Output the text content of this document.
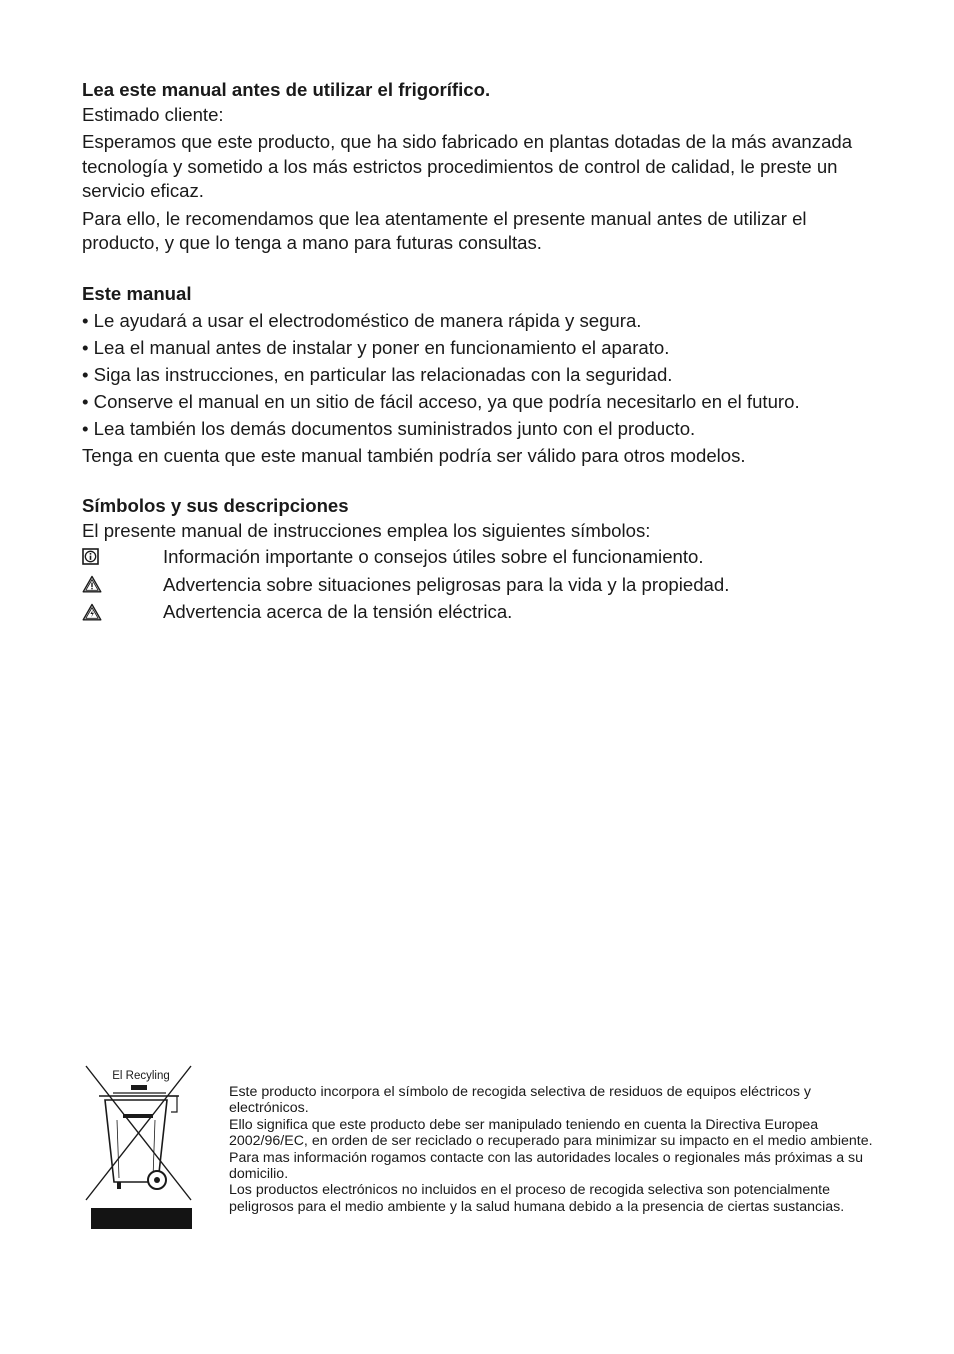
Lea este manual antes de utilizar el frigorífico.

Estimado cliente:

Esperamos que este producto, que ha sido fabricado en plantas dotadas de la más avanzada tecnología y sometido a los más estrictos procedimientos de control de calidad, le preste un servicio eficaz.

Para ello, le recomendamos que lea atentamente el presente manual antes de utilizar el producto, y que lo tenga a mano para futuras consultas.

Este manual

• Le ayudará a usar el electrodoméstico de manera rápida y segura.

• Lea el manual antes de instalar y poner en funcionamiento el aparato.

• Siga las instrucciones, en particular las relacionadas con la seguridad.

• Conserve el manual en un sitio de fácil acceso, ya que podría necesitarlo en el futuro.

• Lea también los demás documentos suministrados junto con el producto.

Tenga en cuenta que este manual también podría ser válido para otros modelos.

Símbolos y sus descripciones

El presente manual de instrucciones emplea los siguientes símbolos:

Información importante o consejos útiles sobre el funcionamiento.
Advertencia sobre situaciones peligrosas para la vida y la propiedad.
Advertencia acerca de la tensión eléctrica.
El Recyling

Este producto incorpora el símbolo de recogida selectiva de residuos de equipos eléctricos y electrónicos.

Ello significa que este producto debe ser manipulado teniendo en cuenta la Directiva Europea 2002/96/EC, en orden de ser reciclado o recuperado para minimizar su impacto en el medio ambiente. Para mas información rogamos contacte con las autoridades locales o regionales más próximas a su domicilio.

Los productos electrónicos no incluidos en el proceso de recogida selectiva son potencialmente peligrosos para el medio ambiente y la salud humana debido a la presencia de ciertas sustancias.
